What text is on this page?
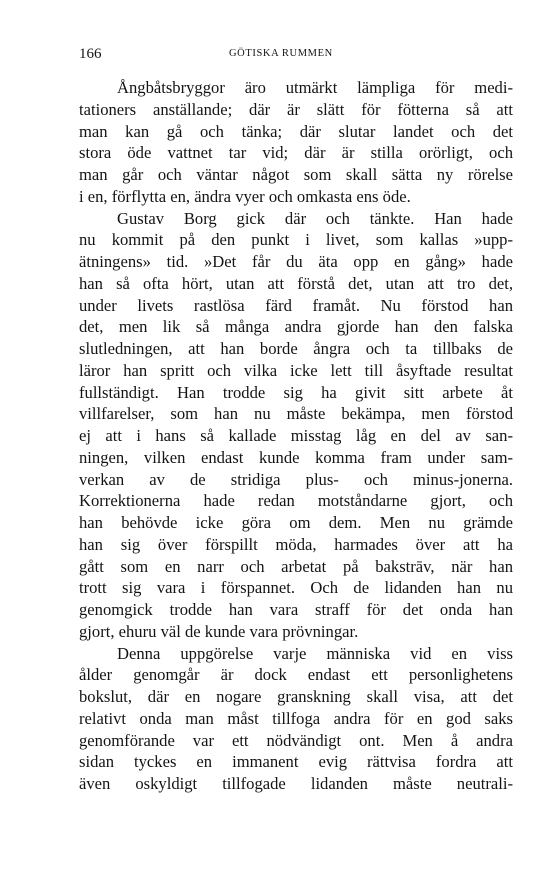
166	GÖTISKA RUMMEN
Ångbåtsbryggor äro utmärkt lämpliga för medi-
tationers anställande; där är slätt för fötterna så att
man kan gå och tänka; där slutar landet och det
stora öde vattnet tar vid; där är stilla orörligt, och
man går och väntar något som skall sätta ny rörelse
i en, förflytta en, ändra vyer och omkasta ens öde.
Gustav Borg gick där och tänkte. Han hade
nu kommit på den punkt i livet, som kallas »upp-
ätningens» tid. »Det får du äta opp en gång» hade
han så ofta hört, utan att förstå det, utan att tro det,
under livets rastlösa färd framåt. Nu förstod han
det, men lik så många andra gjorde han den falska
slutledningen, att han borde ångra och ta tillbaks de
läror han spritt och vilka icke lett till åsyftade resultat
fullständigt. Han trodde sig ha givit sitt arbete åt
villfarelser, som han nu måste bekämpa, men förstod
ej att i hans så kallade misstag låg en del av san-
ningen, vilken endast kunde komma fram under sam-
verkan av de stridiga plus- och minus-jonerna.
Korrektionerna hade redan motståndarne gjort, och
han behövde icke göra om dem. Men nu grämde
han sig över förspillt möda, harmades över att ha
gått som en narr och arbetat på bakstrāv, när han
trott sig vara i förspannet. Och de lidanden han nu
genomgick trodde han vara straff för det onda han
gjort, ehuru väl de kunde vara prövningar.
Denna uppgörelse varje människa vid en viss
ålder genomgår är dock endast ett personlighetens
bokslut, där en nogare granskning skall visa, att det
relativt onda man måst tillfoga andra för en god saks
genomförande var ett nödvändigt ont. Men å andra
sidan tyckes en immanent evig rättvisa fordra att
även oskyldigt tillfogade lidanden måste neutrali-
